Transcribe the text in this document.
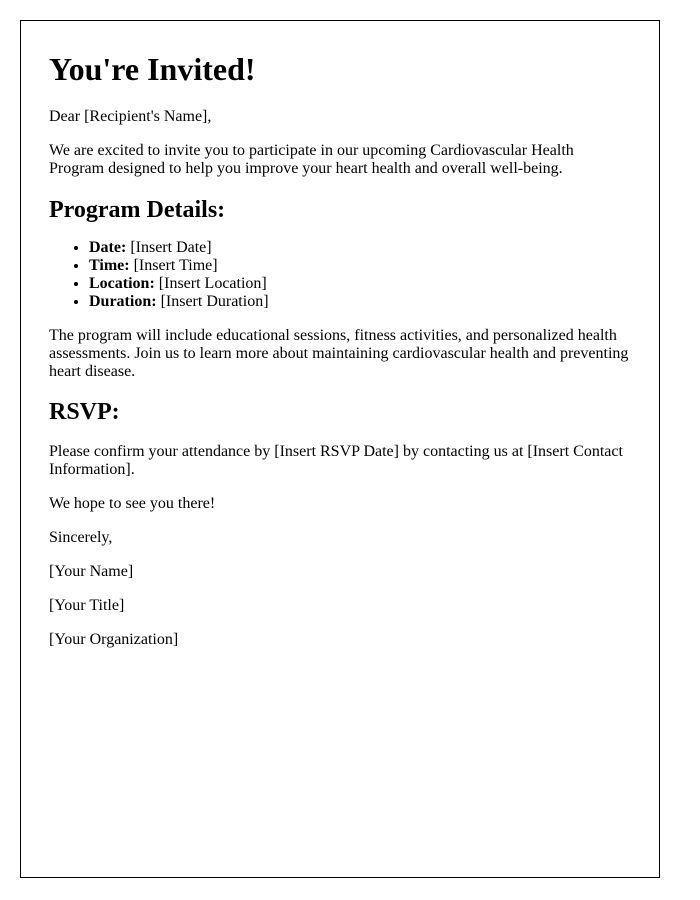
You're Invited!

Dear [Recipient's Name],

We are excited to invite you to participate in our upcoming Cardiovascular Health Program designed to help you improve your heart health and overall well-being.

Program Details:
• Date: [Insert Date]
• Time: [Insert Time]
• Location: [Insert Location]
• Duration: [Insert Duration]

The program will include educational sessions, fitness activities, and personalized health assessments. Join us to learn more about maintaining cardiovascular health and preventing heart disease.

RSVP:

Please confirm your attendance by [Insert RSVP Date] by contacting us at [Insert Contact Information].

We hope to see you there!

Sincerely,

[Your Name]

[Your Title]

[Your Organization]
